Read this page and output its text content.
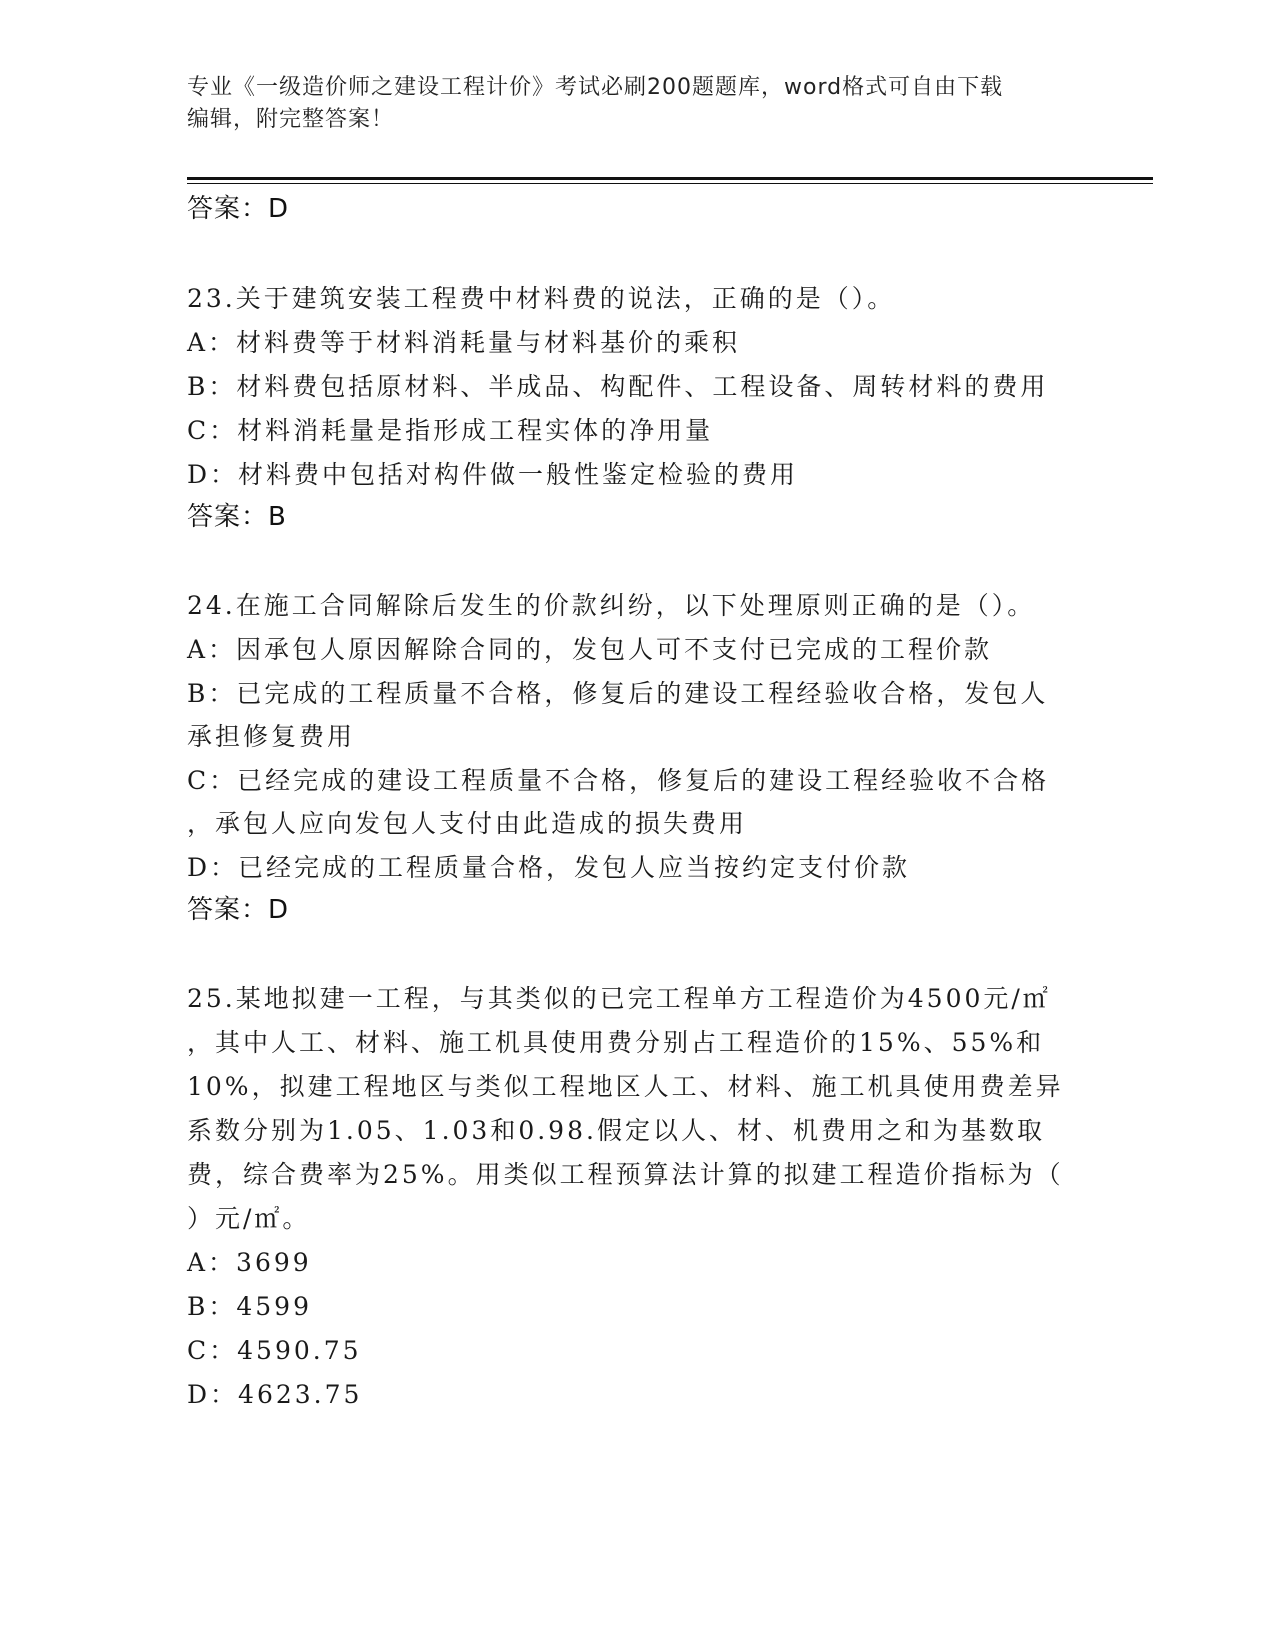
专业《一级造价师之建设工程计价》考试必刷200题题库，word格式可自由下载
编辑，附完整答案！
答案：D
23.关于建筑安装工程费中材料费的说法，正确的是（）。
A：材料费等于材料消耗量与材料基价的乘积
B：材料费包括原材料、半成品、构配件、工程设备、周转材料的费用
C：材料消耗量是指形成工程实体的净用量
D：材料费中包括对构件做一般性鉴定检验的费用
答案：B
24.在施工合同解除后发生的价款纠纷，以下处理原则正确的是（）。
A：因承包人原因解除合同的，发包人可不支付已完成的工程价款
B：已完成的工程质量不合格，修复后的建设工程经验收合格，发包人
承担修复费用
C：已经完成的建设工程质量不合格，修复后的建设工程经验收不合格
，承包人应向发包人支付由此造成的损失费用
D：已经完成的工程质量合格，发包人应当按约定支付价款
答案：D
25.某地拟建一工程，与其类似的已完工程单方工程造价为4500元/㎡
，其中人工、材料、施工机具使用费分别占工程造价的15%、55%和
10%，拟建工程地区与类似工程地区人工、材料、施工机具使用费差异
系数分别为1.05、1.03和0.98.假定以人、材、机费用之和为基数取
费，综合费率为25%。用类似工程预算法计算的拟建工程造价指标为（
）元/㎡。
A：3699
B：4599
C：4590.75
D：4623.75
